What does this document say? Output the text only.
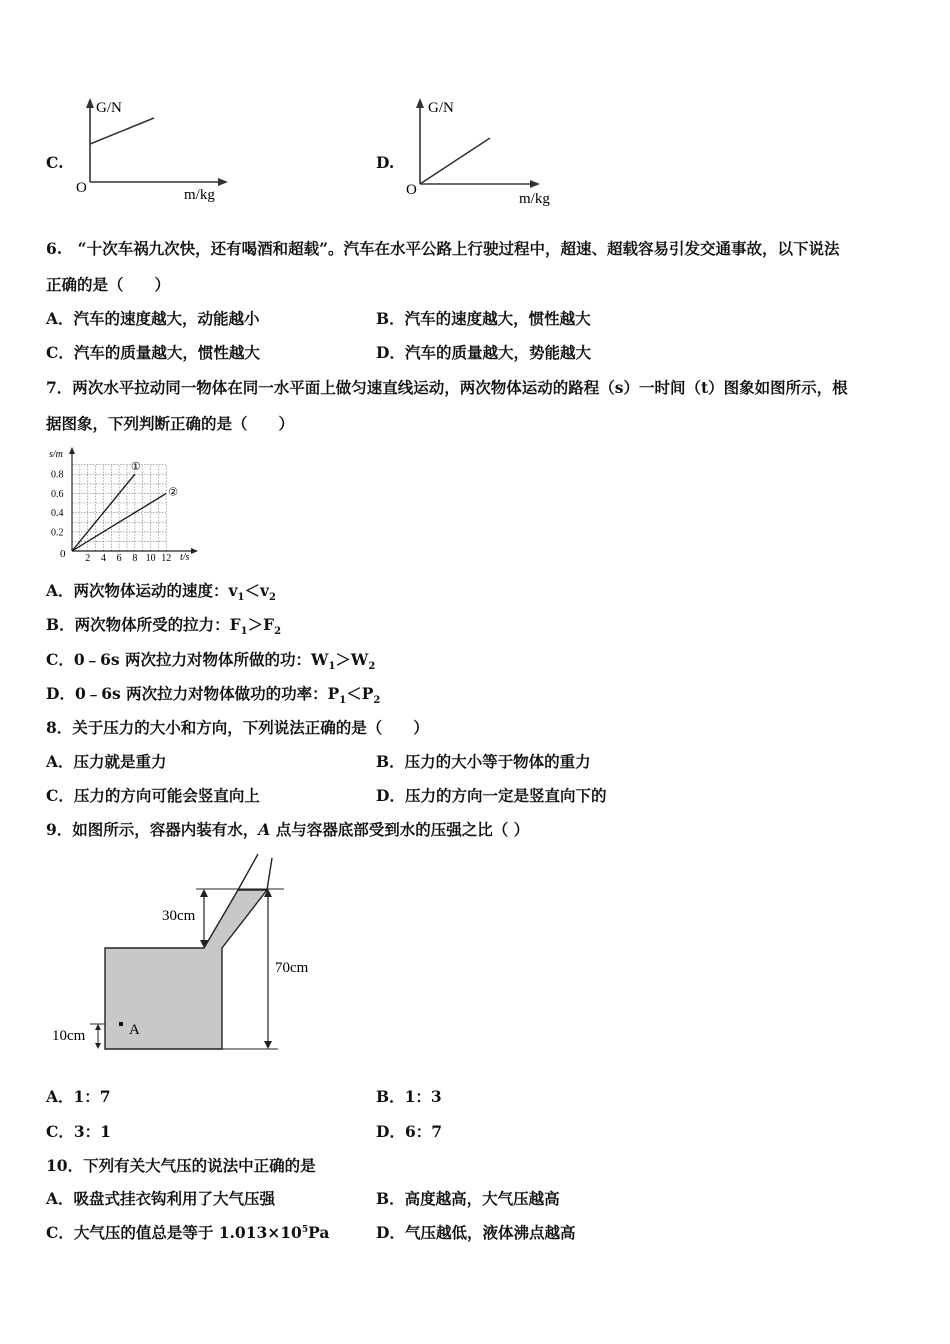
C.
G/N
O	m/kg
D.
G/N
O
m/kg
6.　“十次车祸九次快，还有喝酒和超载”。汽车在水平公路上行驶过程中，超速、超载容易引发交通事故，以下说法
正确的是（　　）
A．汽车的速度越大，动能越小	B．汽车的速度越大，惯性越大
C．汽车的质量越大，惯性越大	D．汽车的质量越大，势能越大
7．两次水平拉动同一物体在同一水平面上做匀速直线运动，两次物体运动的路程（s）一时间（t）图象如图所示，根
据图象，下列判断正确的是（　　）
2 4 6 8 10 12
0.2
0.4
0.6
0.8
①
②
s/m
t/s
0
A．两次物体运动的速度：$v_1<v_2$
B．两次物体所受的拉力：$F_1>F_2$
C．0﹣6s 两次拉力对物体所做的功：$W_1>W_2$
D．0﹣6s 两次拉力对物体做功的功率：$P_1<P_2$
8．关于压力的大小和方向，下列说法正确的是（　　）
A．压力就是重力	B．压力的大小等于物体的重力
C．压力的方向可能会竖直向上	D．压力的方向一定是竖直向下的
9．如图所示，容器内装有水，A 点与容器底部受到水的压强之比（ ）
30cm
70cm
10cm	A
A．1：7	B．1：3
C．3：1	D．6：7
10．下列有关大气压的说法中正确的是
A．吸盘式挂衣钩利用了大气压强	B．高度越高，大气压越高
C．大气压的值总是等于 $1.013\times 10^5Pa$	D．气压越低，液体沸点越高
